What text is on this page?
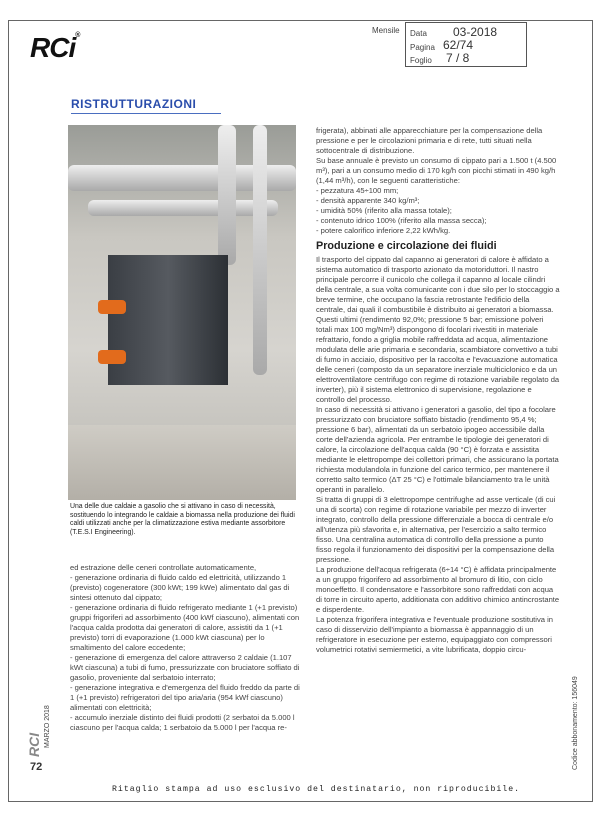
RCi®
Mensile Data 03-2018
Pagina 62/74
Foglio 7 / 8
RISTRUTTURAZIONI
Una delle due caldaie a gasolio che si attivano in caso di necessità, sostituendo lo integrando le caldaie a biomassa nella produzione dei fluidi caldi utilizzati anche per la climatizzazione estiva mediante assorbitore (T.E.S.I Engineering).

ed estrazione delle ceneri controllate automaticamente,

- generazione ordinaria di fluido caldo ed elettricità, utilizzando 1 (previsto) cogeneratore (300 kWt; 199 kWe) alimentato dal gas di sintesi ottenuto dal cippato;

- generazione ordinaria di fluido refrigerato mediante 1 (+1 previsto) gruppi frigoriferi ad assorbimento (400 kWf ciascuno), alimentati con l'acqua calda prodotta dai generatori di calore, assistiti da 1 (+1 previsto) torri di evaporazione (1.000 kWt ciascuna) per lo smaltimento del calore eccedente;

- generazione di emergenza del calore attraverso 2 caldaie (1.107 kWt ciascuna) a tubi di fumo, pressurizzate con bruciatore soffiato di gasolio, proveniente dal serbatoio interrato;

- generazione integrativa e d'emergenza del fluido freddo da parte di 1 (+1 previsto) refrigeratori del tipo aria/aria (954 kWf ciascuno) alimentati con elettricità;

- accumulo inerziale distinto dei fluidi prodotti (2 serbatoi da 5.000 l ciascuno per l'acqua calda; 1 serbatoio da 5.000 l per l'acqua re-

frigerata), abbinati alle apparecchiature per la compensazione della pressione e per le circolazioni primaria e di rete, tutti situati nella sottocentrale di distribuzione.

Su base annuale è previsto un consumo di cippato pari a 1.500 t (4.500 m³), pari a un consumo medio di 170 kg/h con picchi stimati in 490 kg/h (1,44 m³/h), con le seguenti caratteristiche:

- pezzatura 45÷100 mm;

- densità apparente 340 kg/m³;

- umidità 50% (riferito alla massa totale);

- contenuto idrico 100% (riferito alla massa secca);

- potere calorifico inferiore 2,22 kWh/kg.

Produzione e circolazione dei fluidi

Il trasporto del cippato dal capanno ai generatori di calore è affidato a sistema automatico di trasporto azionato da motoriduttori. Il nastro principale percorre il cunicolo che collega il capanno al locale cilindri della centrale, a sua volta comunicante con i due silo per lo stoccaggio a breve termine, che occupano la fascia retrostante l'edificio della centrale, dai quali il combustibile è distribuito ai generatori a biomassa.

Questi ultimi (rendimento 92,0%; pressione 5 bar; emissione polveri totali max 100 mg/Nm³) dispongono di focolari rivestiti in materiale refrattario, fondo a griglia mobile raffreddata ad acqua, alimentazione modulata delle arie primaria e secondaria, scambiatore convettivo a tubi di fumo in acciaio, dispositivo per la raccolta e l'evacuazione automatica delle ceneri (composto da un separatore inerziale multiciclonico e da un elettroventilatore centrifugo con regime di rotazione variabile regolato da inverter), più il sistema elettronico di supervisione, regolazione e controllo del processo.

In caso di necessità si attivano i generatori a gasolio, del tipo a focolare pressurizzato con bruciatore soffiato bistadio (rendimento 95,4 %; pressione 6 bar), alimentati da un serbatoio ipogeo accessibile dalla corte dell'azienda agricola. Per entrambe le tipologie dei generatori di calore, la circolazione dell'acqua calda (90 °C) è forzata e assistita mediante le elettropompe dei collettori primari, che assicurano la portata richiesta modulandola in funzione del carico termico, per mantenere il corretto salto termico (ΔT 25 °C) e l'ottimale bilanciamento tra le unità operanti in parallelo.

Si tratta di gruppi di 3 elettropompe centrifughe ad asse verticale (di cui una di scorta) con regime di rotazione variabile per mezzo di inverter integrato, controllo della pressione differenziale a bocca di centrale e/o all'utenza più sfavorita e, in alternativa, per l'esercizio a salto termico fisso. Una centralina automatica di controllo della pressione a punto fisso regola il funzionamento dei dispositivi per la compensazione della pressione.

La produzione dell'acqua refrigerata (6÷14 °C) è affidata principalmente a un gruppo frigorifero ad assorbimento al bromuro di litio, con ciclo monoeffetto. Il condensatore e l'assorbitore sono raffreddati con acqua di torre in circuito aperto, additionata con additivo chimico antincrostante e disperdente.

La potenza frigorifera integrativa e l'eventuale produzione sostitutiva in caso di disservizio dell'impianto a biomassa è appannaggio di un refrigeratore in esecuzione per esterno, equipaggiato con compressori volumetrici rotativi semiermetici, a vite lubrificata, doppio circu-

RCI MARZO 2018
72	Codice abbonamento: 156049
Ritaglio stampa ad uso esclusivo del destinatario, non riproducibile.
